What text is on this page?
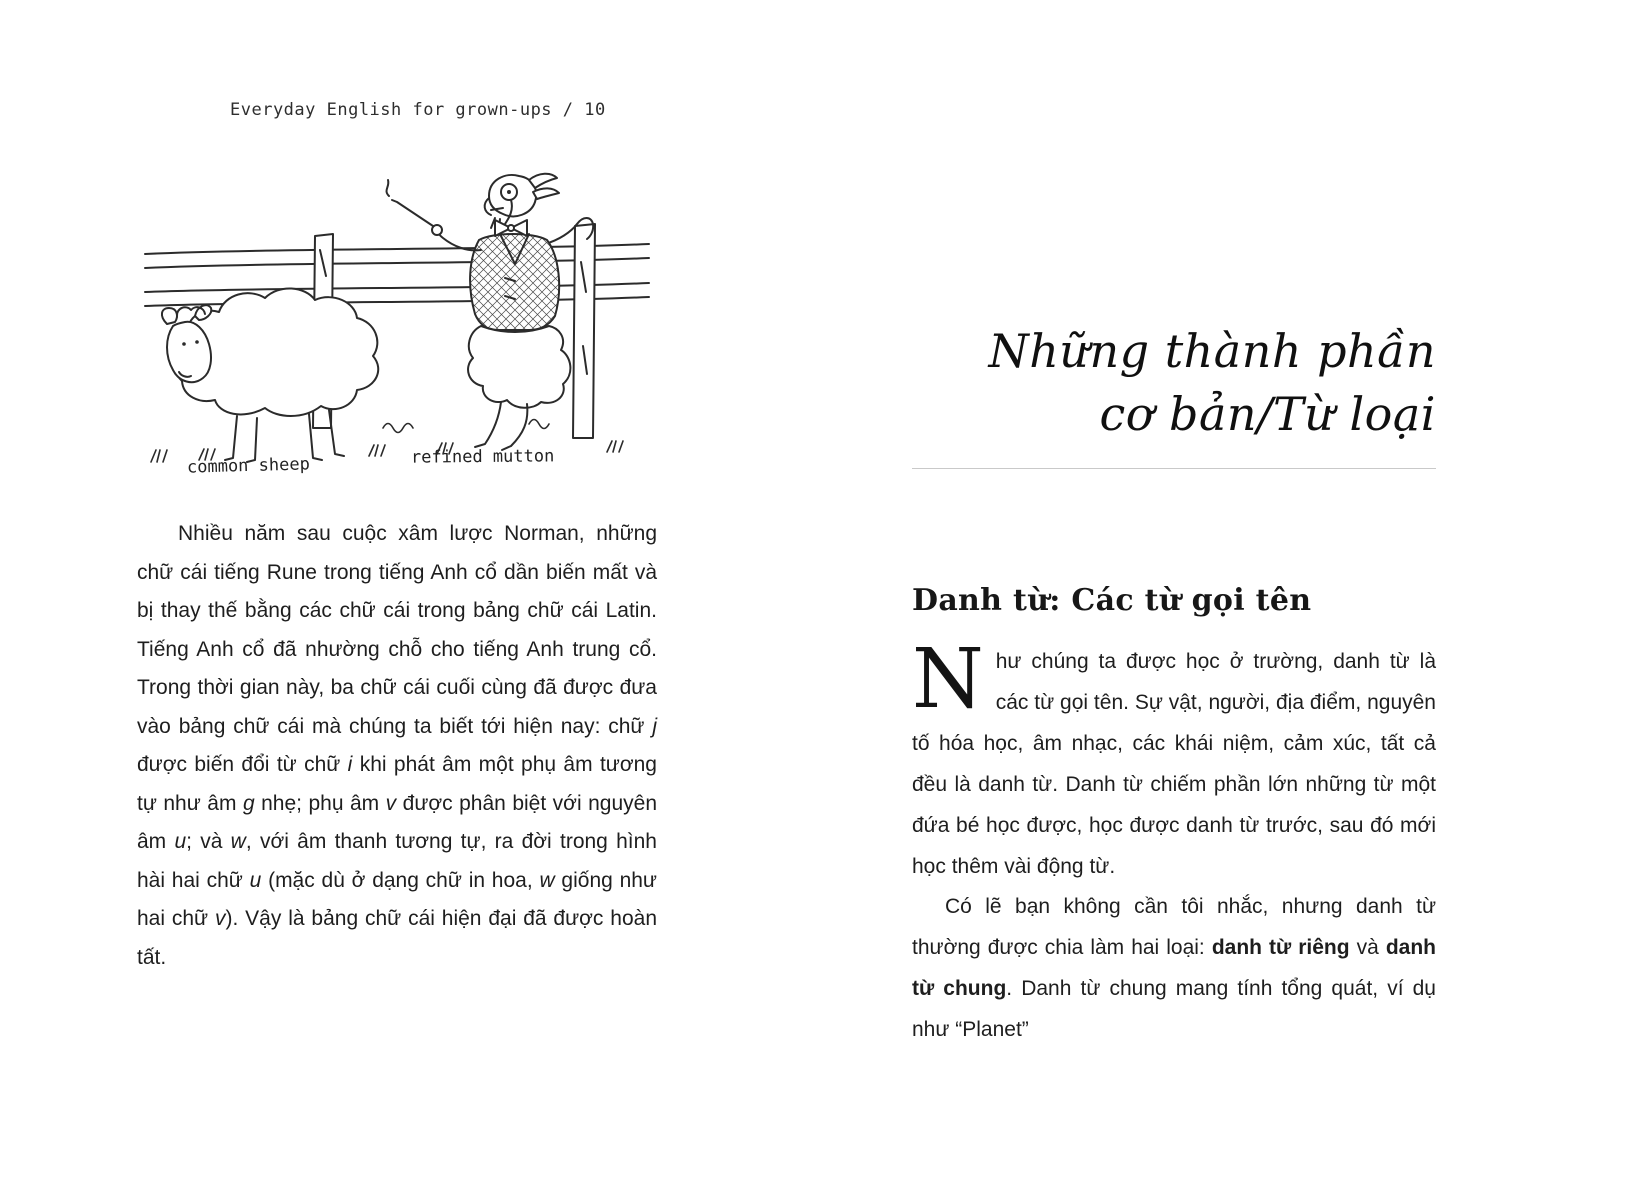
Everyday English for grown-ups / 10
common sheep	refined mutton

Nhiều năm sau cuộc xâm lược Norman, những chữ cái tiếng Rune trong tiếng Anh cổ dần biến mất và bị thay thế bằng các chữ cái trong bảng chữ cái Latin. Tiếng Anh cổ đã nhường chỗ cho tiếng Anh trung cổ. Trong thời gian này, ba chữ cái cuối cùng đã được đưa vào bảng chữ cái mà chúng ta biết tới hiện nay: chữ j được biến đổi từ chữ i khi phát âm một phụ âm tương tự như âm g nhẹ; phụ âm v được phân biệt với nguyên âm u; và w, với âm thanh tương tự, ra đời trong hình hài hai chữ u (mặc dù ở dạng chữ in hoa, w giống như hai chữ v). Vậy là bảng chữ cái hiện đại đã được hoàn tất.

Những thành phần
cơ bản/Từ loại
Danh từ: Các từ gọi tên

Như chúng ta được học ở trường, danh từ là các từ gọi tên. Sự vật, người, địa điểm, nguyên tố hóa học, âm nhạc, các khái niệm, cảm xúc, tất cả đều là danh từ. Danh từ chiếm phần lớn những từ một đứa bé học được, học được danh từ trước, sau đó mới học thêm vài động từ.

Có lẽ bạn không cần tôi nhắc, nhưng danh từ thường được chia làm hai loại: danh từ riêng và danh từ chung. Danh từ chung mang tính tổng quát, ví dụ như “Planet”
